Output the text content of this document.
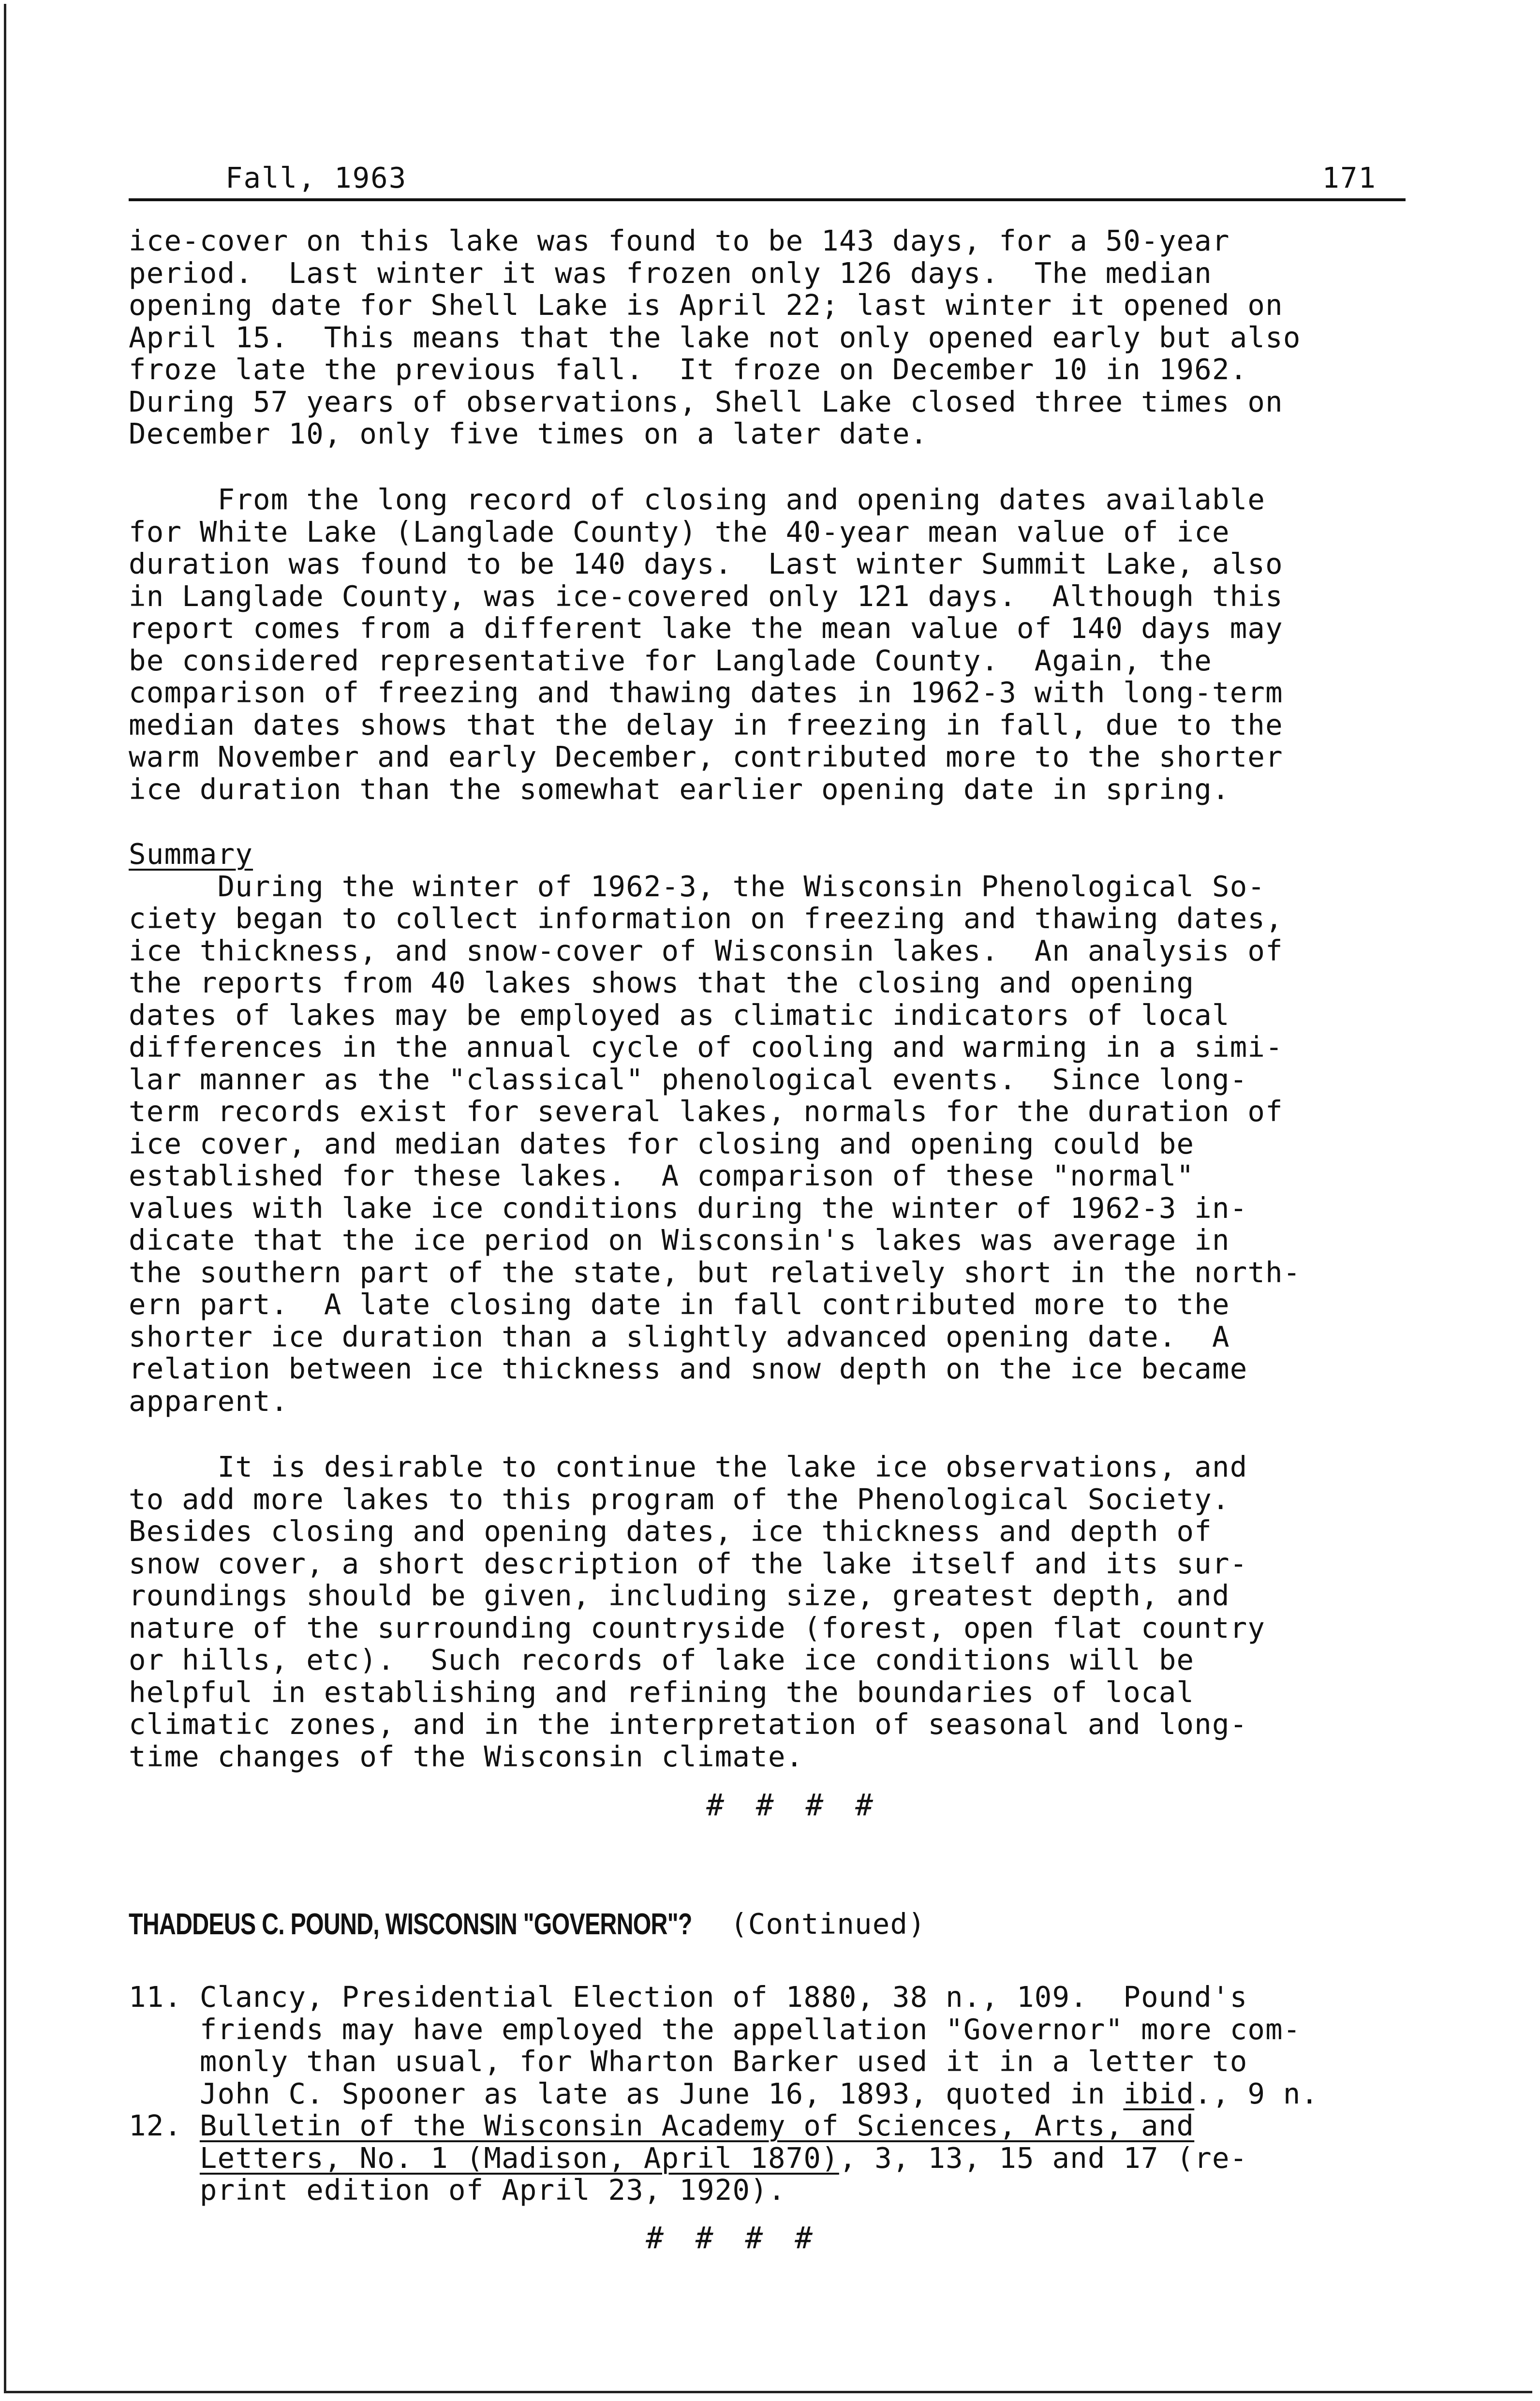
Fall, 1963	171
ice-cover on this lake was found to be 143 days, for a 50-year
period.  Last winter it was frozen only 126 days.  The median
opening date for Shell Lake is April 22; last winter it opened on
April 15.  This means that the lake not only opened early but also
froze late the previous fall.  It froze on December 10 in 1962.
During 57 years of observations, Shell Lake closed three times on
December 10, only five times on a later date.
From the long record of closing and opening dates available
for White Lake (Langlade County) the 40-year mean value of ice
duration was found to be 140 days.  Last winter Summit Lake, also
in Langlade County, was ice-covered only 121 days.  Although this
report comes from a different lake the mean value of 140 days may
be considered representative for Langlade County.  Again, the
comparison of freezing and thawing dates in 1962-3 with long-term
median dates shows that the delay in freezing in fall, due to the
warm November and early December, contributed more to the shorter
ice duration than the somewhat earlier opening date in spring.
Summary
During the winter of 1962-3, the Wisconsin Phenological So-
ciety began to collect information on freezing and thawing dates,
ice thickness, and snow-cover of Wisconsin lakes.  An analysis of
the reports from 40 lakes shows that the closing and opening
dates of lakes may be employed as climatic indicators of local
differences in the annual cycle of cooling and warming in a simi-
lar manner as the "classical" phenological events.  Since long-
term records exist for several lakes, normals for the duration of
ice cover, and median dates for closing and opening could be
established for these lakes.  A comparison of these "normal"
values with lake ice conditions during the winter of 1962-3 in-
dicate that the ice period on Wisconsin's lakes was average in
the southern part of the state, but relatively short in the north-
ern part.  A late closing date in fall contributed more to the
shorter ice duration than a slightly advanced opening date.  A
relation between ice thickness and snow depth on the ice became
apparent.
It is desirable to continue the lake ice observations, and
to add more lakes to this program of the Phenological Society.
Besides closing and opening dates, ice thickness and depth of
snow cover, a short description of the lake itself and its sur-
roundings should be given, including size, greatest depth, and
nature of the surrounding countryside (forest, open flat country
or hills, etc).  Such records of lake ice conditions will be
helpful in establishing and refining the boundaries of local
climatic zones, and in the interpretation of seasonal and long-
time changes of the Wisconsin climate.
# # # #
THADDEUS C. POUND, WISCONSIN "GOVERNOR"? (Continued)
11. Clancy, Presidential Election of 1880, 38 n., 109.  Pound's
friends may have employed the appellation "Governor" more com-
monly than usual, for Wharton Barker used it in a letter to
John C. Spooner as late as June 16, 1893, quoted in ibid., 9 n.
12. Bulletin of the Wisconsin Academy of Sciences, Arts, and
Letters, No. 1 (Madison, April 1870), 3, 13, 15 and 17 (re-
print edition of April 23, 1920).
# # # #
